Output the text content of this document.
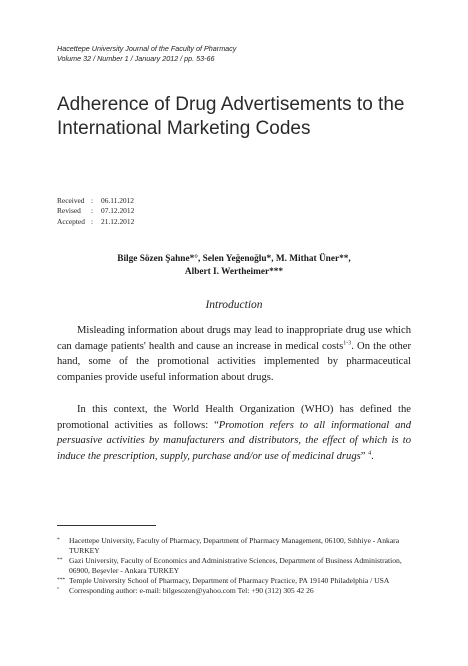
Hacettepe University Journal of the Faculty of Pharmacy
Volume 32 / Number 1 / January 2012 / pp. 53-66
Adherence of Drug Advertisements to the International Marketing Codes
Received :	06.11.2012
Revised	:	07.12.2012
Accepted :	21.12.2012
Bilge Sözen Şahne*°, Selen Yeğenoğlu*, M. Mithat Üner**,
Albert I. Wertheimer***
Introduction

Misleading information about drugs may lead to inappropriate drug use which can damage patients' health and cause an increase in medical costs$^{1-3}$. On the other hand, some of the promotional activities implemented by pharmaceutical companies provide useful information about drugs.

In this context, the World Health Organization (WHO) has defined the promotional activities as follows: “Promotion refers to all informational and persuasive activities by manufacturers and distributors, the effect of which is to induce the prescription, supply, purchase and/or use of medicinal drugs” $^4$.

*	Hacettepe University, Faculty of Pharmacy, Department of Pharmacy Management, 06100, Sıhhiye - Ankara TURKEY
** Gazi University, Faculty of Economics and Administrative Sciences, Department of Business Administration, 06900, Beşevler - Ankara TURKEY
*** Temple University School of Pharmacy, Department of Pharmacy Practice, PA 19140 Philadelphia / USA
°	Corresponding author: e-mail: bilgesozen@yahoo.com Tel: +90 (312) 305 42 26
